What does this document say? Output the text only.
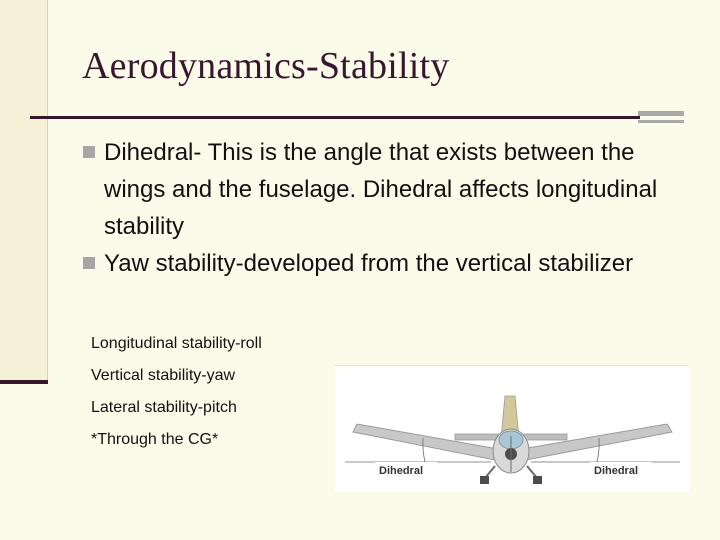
Aerodynamics-Stability
Dihedral- This is the angle that exists between the wings and the fuselage. Dihedral affects longitudinal stability
Yaw stability-developed from the vertical stabilizer
Longitudinal stability-roll
Vertical stability-yaw
Lateral stability-pitch
*Through the CG*
Dihedral	Dihedral
